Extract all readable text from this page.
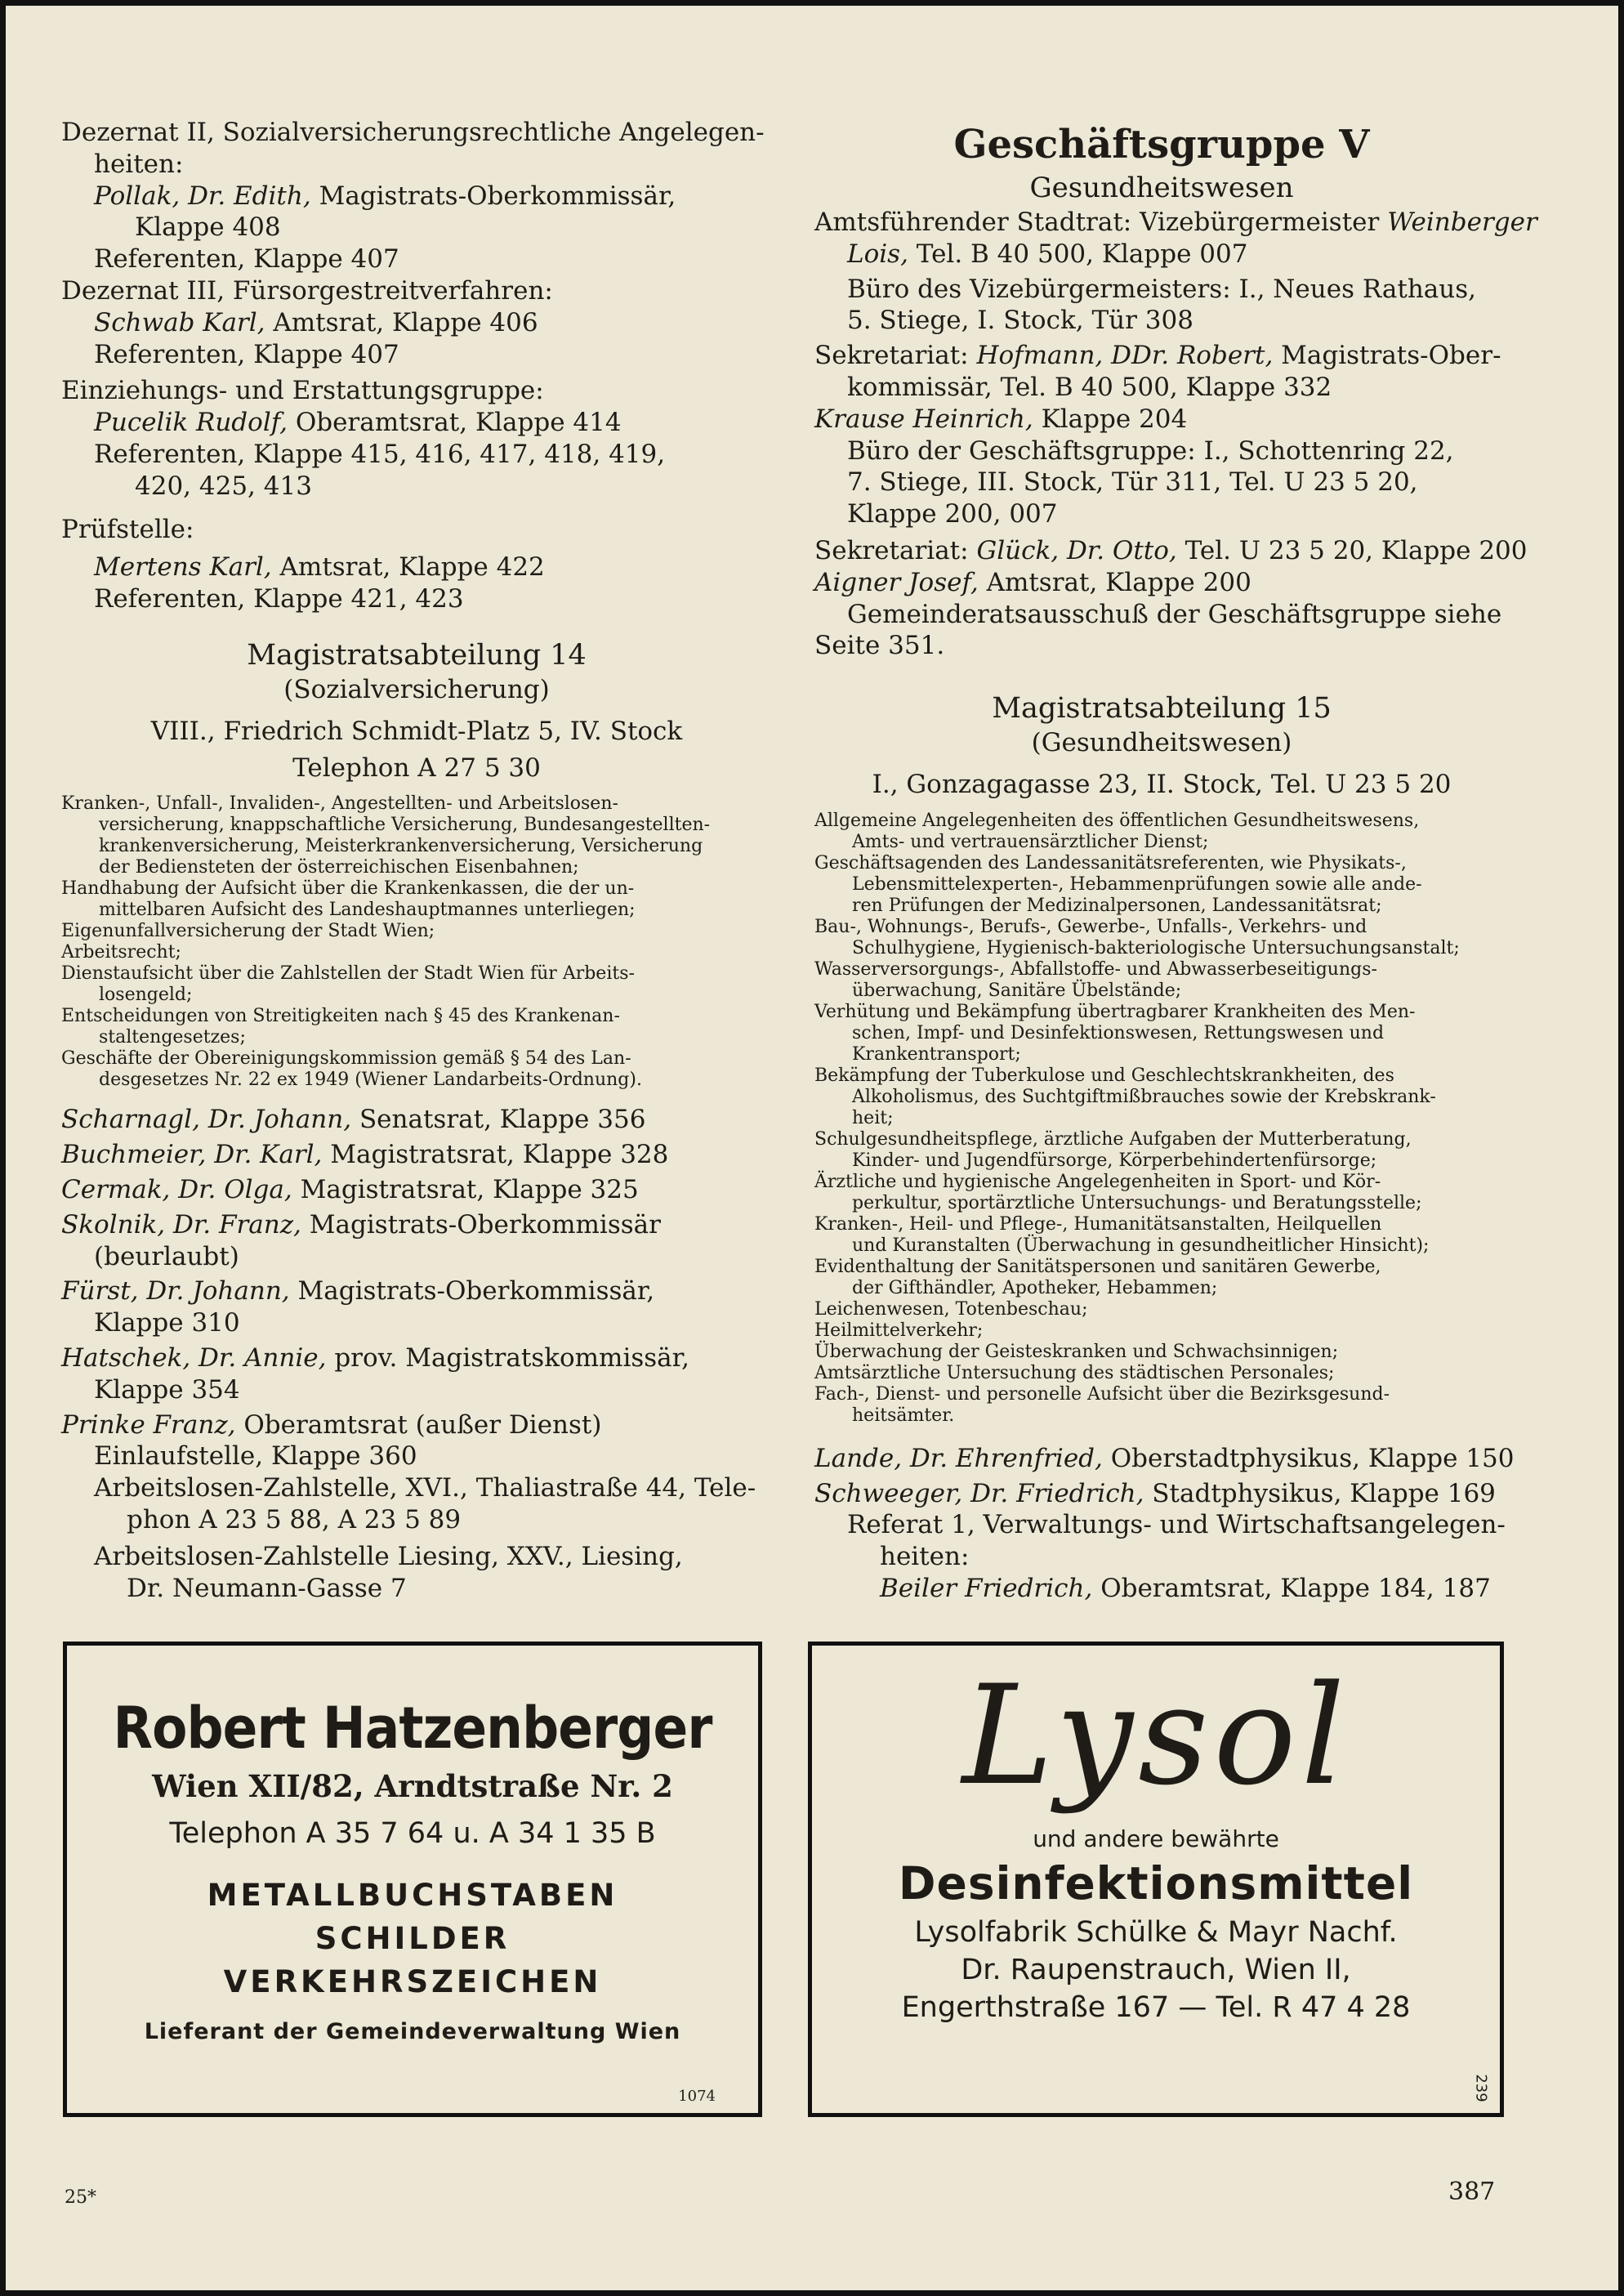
Dezernat II, Sozialversicherungsrechtliche Angelegen-
heiten:
Pollak, Dr. Edith, Magistrats-Oberkommissär,
Klappe 408
Referenten, Klappe 407
Dezernat III, Fürsorgestreitverfahren:
Schwab Karl, Amtsrat, Klappe 406
Referenten, Klappe 407
Einziehungs- und Erstattungsgruppe:
Pucelik Rudolf, Oberamtsrat, Klappe 414
Referenten, Klappe 415, 416, 417, 418, 419,
420, 425, 413
Prüfstelle:
Mertens Karl, Amtsrat, Klappe 422
Referenten, Klappe 421, 423
Magistratsabteilung 14
(Sozialversicherung)
VIII., Friedrich Schmidt-Platz 5, IV. Stock
Telephon A 27 5 30
Kranken-, Unfall-, Invaliden-, Angestellten- und Arbeitslosen-
versicherung, knappschaftliche Versicherung, Bundesangestellten-
krankenversicherung, Meisterkrankenversicherung, Versicherung
der Bediensteten der österreichischen Eisenbahnen;
Handhabung der Aufsicht über die Krankenkassen, die der un-
mittelbaren Aufsicht des Landeshauptmannes unterliegen;
Eigenunfallversicherung der Stadt Wien;
Arbeitsrecht;
Dienstaufsicht über die Zahlstellen der Stadt Wien für Arbeits-
losengeld;
Entscheidungen von Streitigkeiten nach § 45 des Krankenan-
staltengesetzes;
Geschäfte der Obereinigungskommission gemäß § 54 des Lan-
desgesetzes Nr. 22 ex 1949 (Wiener Landarbeits-Ordnung).
Scharnagl, Dr. Johann, Senatsrat, Klappe 356
Buchmeier, Dr. Karl, Magistratsrat, Klappe 328
Cermak, Dr. Olga, Magistratsrat, Klappe 325
Skolnik, Dr. Franz, Magistrats-Oberkommissär
(beurlaubt)
Fürst, Dr. Johann, Magistrats-Oberkommissär,
Klappe 310
Hatschek, Dr. Annie, prov. Magistratskommissär,
Klappe 354
Prinke Franz, Oberamtsrat (außer Dienst)
Einlaufstelle, Klappe 360
Arbeitslosen-Zahlstelle, XVI., Thaliastraße 44, Tele-
phon A 23 5 88, A 23 5 89
Arbeitslosen-Zahlstelle Liesing, XXV., Liesing,
Dr. Neumann-Gasse 7
Geschäftsgruppe V
Gesundheitswesen
Amtsführender Stadtrat: Vizebürgermeister Weinberger
Lois, Tel. B 40 500, Klappe 007
Büro des Vizebürgermeisters: I., Neues Rathaus,
5. Stiege, I. Stock, Tür 308
Sekretariat: Hofmann, DDr. Robert, Magistrats-Ober-
kommissär, Tel. B 40 500, Klappe 332
Krause Heinrich, Klappe 204
Büro der Geschäftsgruppe: I., Schottenring 22,
7. Stiege, III. Stock, Tür 311, Tel. U 23 5 20,
Klappe 200, 007
Sekretariat: Glück, Dr. Otto, Tel. U 23 5 20, Klappe 200
Aigner Josef, Amtsrat, Klappe 200
Gemeinderatsausschuß der Geschäftsgruppe siehe
Seite 351.
Magistratsabteilung 15
(Gesundheitswesen)
I., Gonzagagasse 23, II. Stock, Tel. U 23 5 20
Allgemeine Angelegenheiten des öffentlichen Gesundheitswesens,
Amts- und vertrauensärztlicher Dienst;
Geschäftsagenden des Landessanitätsreferenten, wie Physikats-,
Lebensmittelexperten-, Hebammenprüfungen sowie alle ande-
ren Prüfungen der Medizinalpersonen, Landessanitätsrat;
Bau-, Wohnungs-, Berufs-, Gewerbe-, Unfalls-, Verkehrs- und
Schulhygiene, Hygienisch-bakteriologische Untersuchungsanstalt;
Wasserversorgungs-, Abfallstoffe- und Abwasserbeseitigungs-
überwachung, Sanitäre Übelstände;
Verhütung und Bekämpfung übertragbarer Krankheiten des Men-
schen, Impf- und Desinfektionswesen, Rettungswesen und
Krankentransport;
Bekämpfung der Tuberkulose und Geschlechtskrankheiten, des
Alkoholismus, des Suchtgiftmißbrauches sowie der Krebskrank-
heit;
Schulgesundheitspflege, ärztliche Aufgaben der Mutterberatung,
Kinder- und Jugendfürsorge, Körperbehindertenfürsorge;
Ärztliche und hygienische Angelegenheiten in Sport- und Kör-
perkultur, sportärztliche Untersuchungs- und Beratungsstelle;
Kranken-, Heil- und Pflege-, Humanitätsanstalten, Heilquellen
und Kuranstalten (Überwachung in gesundheitlicher Hinsicht);
Evidenthaltung der Sanitätspersonen und sanitären Gewerbe,
der Gifthändler, Apotheker, Hebammen;
Leichenwesen, Totenbeschau;
Heilmittelverkehr;
Überwachung der Geisteskranken und Schwachsinnigen;
Amtsärztliche Untersuchung des städtischen Personales;
Fach-, Dienst- und personelle Aufsicht über die Bezirksgesund-
heitsämter.
Lande, Dr. Ehrenfried, Oberstadtphysikus, Klappe 150
Schweeger, Dr. Friedrich, Stadtphysikus, Klappe 169
Referat 1, Verwaltungs- und Wirtschaftsangelegen-
heiten:
Beiler Friedrich, Oberamtsrat, Klappe 184, 187
Robert Hatzenberger
Wien XII/82, Arndtstraße Nr. 2
Telephon A 35 7 64 u. A 34 1 35 B
METALLBUCHSTABEN
SCHILDER
VERKEHRSZEICHEN
Lieferant der Gemeindeverwaltung Wien
1074
Lysol
und andere bewährte
Desinfektionsmittel
Lysolfabrik Schülke & Mayr Nachf.
Dr. Raupenstrauch, Wien II,
Engerthstraße 167 — Tel. R 47 4 28
239
25*	387
